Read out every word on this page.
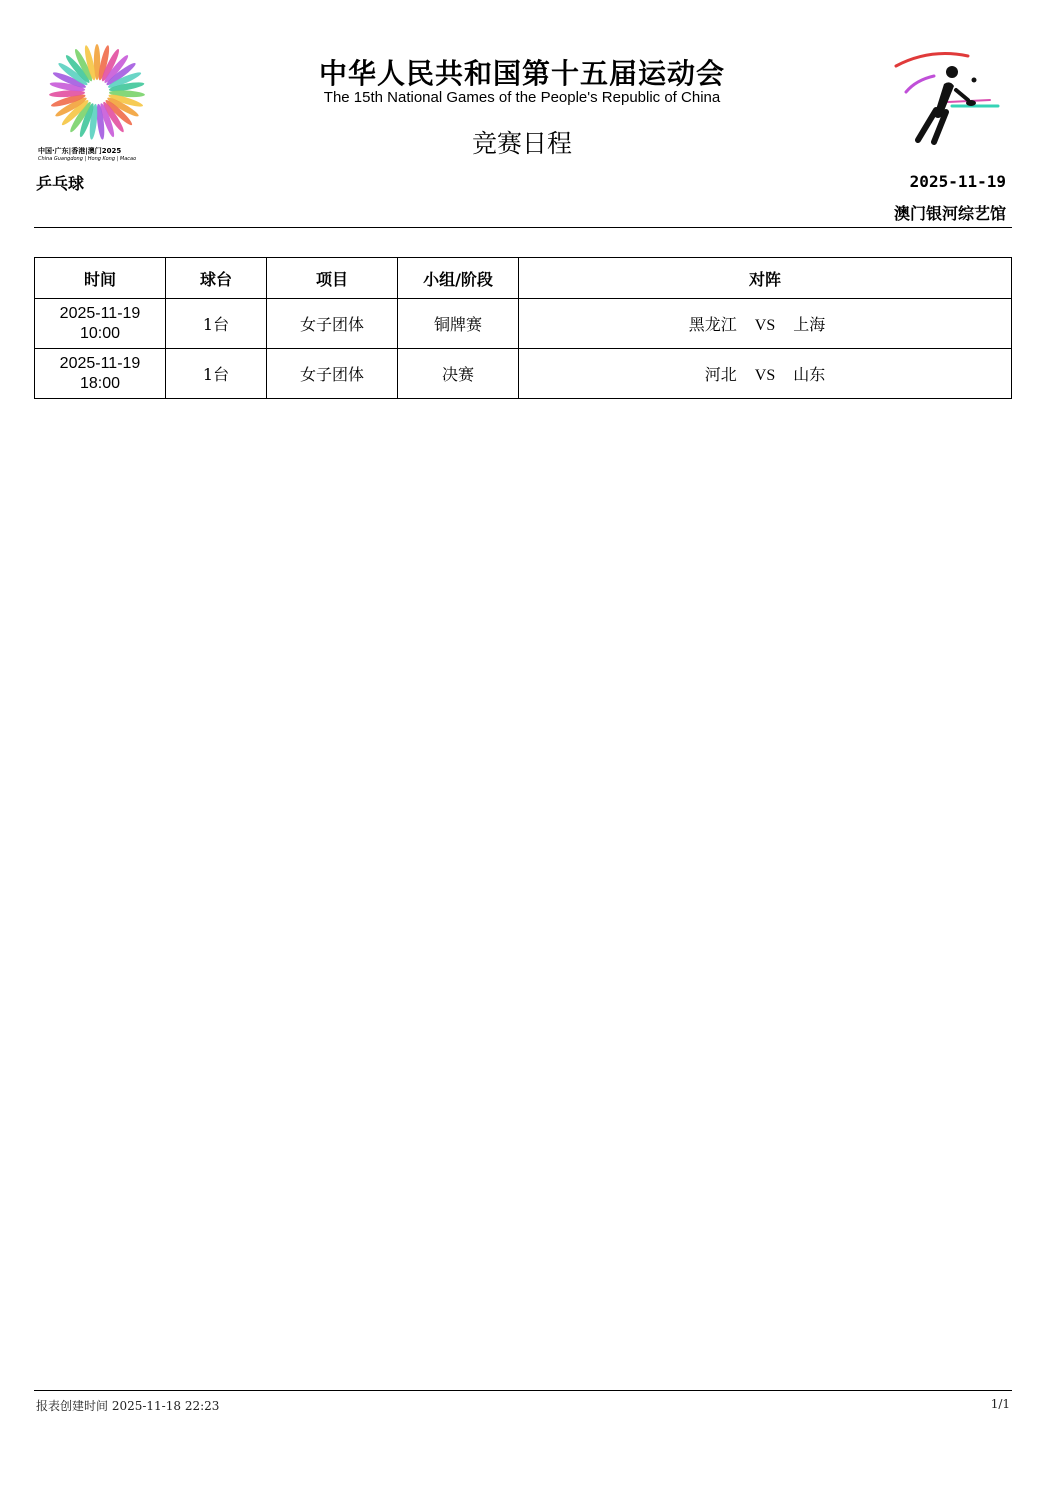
中国·广东|香港|澳门2025
China Guangdong | Hong Kong | Macao
中华人民共和国第十五届运动会
The 15th National Games of the People's Republic of China
竞赛日程
乒乓球	2025-11-19
澳门银河综艺馆
时间	球台	项目	小组/阶段	对阵

2025-11-19
10:00	1台	女子团体	铜牌赛	黑龙江 VS 上海

2025-11-19
18:00	1台	女子团体	决赛	河北 VS 山东
报表创建时间 2025-11-18 22:23	1/1
